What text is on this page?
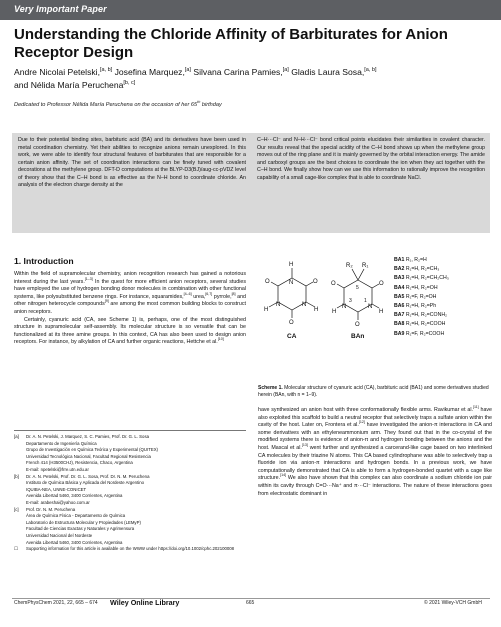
Very Important Paper
Understanding the Chloride Affinity of Barbiturates for Anion Receptor Design
Andre Nicolai Petelski,[a, b] Josefina Marquez,[a] Silvana Carina Pamies,[a] Gladis Laura Sosa,[a, b]
and Nélida María Peruchena[b, c]
Dedicated to Professor Nélida María Peruchena on the occasion of her 65th birthday

Due to their potential binding sites, barbituric acid (BA) and its derivatives have been used in metal coordination chemistry. Yet their abilities to recognize anions remain unexplored. In this work, we were able to identify four structural features of barbiturates that are responsible for a certain anion affinity. The set of coordination interactions can be finely tuned with covalent decorations at the methylene group. DFT-D computations at the BLYP-D3(BJ)/aug-cc-pVDZ level of theory show that the C–H bond is as effective as the N–H bond to coordinate chloride. An analysis of the electron charge density at the

C–H···Cl⁻ and N–H···Cl⁻ bond critical points elucidates their similarities in covalent character. Our results reveal that the special acidity of the C–H bond shows up when the methylene group moves out of the ring plane and it is mainly governed by the orbital interaction energy. The amide and carboxyl groups are the best choices to coordinate the ion when they act together with the C–H bond. We finally show how can we use this information to rationally improve the recognition capability of a small cage-like complex that is able to coordinate NaCl.

1. Introduction

Within the field of supramolecular chemistry, anion recognition research has gained a notorious interest during the last years.[1–3] In the quest for more efficient anion receptors, several studies have employed the use of hydrogen bonding donor molecules in combination with other functional systems, like polysubstituted benzene rings. For instance, squaramides,[4–6] urea,[6,7] pyrrole,[8] and other nitrogen heterocycle compounds[9] are among the most common building blocks to construct anion receptors.

Certainly, cyanuric acid (CA, see Scheme 1) is, perhaps, one of the most distinguished structure in supramolecular self-assembly. Its molecular structure is so versatile that can be functionalized at its three amine groups. In this context, CA has also been used to design anion receptors. For instance, by alkylation of CA and further organic reactions, Hettche et al.[10]

H
N	O
O
N
N
H
H
O
CA
R₂ R₁
5
O
O
N
N
1
3
H
H
O
BAn
BA1 R₁, R₂=H
BA2 R₁=H, R₂=CH₃
BA3 R₁=H, R₂=CH₂CH₃
BA4 R₁=H, R₂=OH
BA5 R₁=F, R₂=OH
BA6 R₁=H, R₂=Ph
BA7 R₁=H, R₂=CONH₂
BA8 R₁=H, R₂=COOH
BA9 R₁=F, R₂=COOH
Scheme 1. Molecular structure of cyanuric acid (CA), barbituric acid (BA1) and some derivatives studied herein (BAn, with n = 1–9).

have synthesized an anion host with three conformationally flexible arms. Ravikumar et al.[11] have also exploited this scaffold to build a neutral receptor that selectively traps a sulfate anion within the cavity of the host. Later on, Frontera et al.[12] have investigated the anion-π interactions in CA and some derivatives with an ethyleneammonium arm. They found out that in the co-crystal of the modified systems there is evidence of anion-π and hydrogen bonding between the anions and the host. Mascal et al.[13] went further and synthesized a carcerand-like cage based on two interlinked CA molecules by their triazine N atoms. This CA based cylindrophane was able to selectively trap a fluoride ion via anion-π interactions and hydrogen bonds. In a previous work, we have computationally demonstrated that CA is able to form a hydrogen-bonded quartet with a cage like structure.[14] We also have shown that this complex can also coordinate a sodium chloride ion pair within its cavity through C=O···Na⁺ and π···Cl⁻ interactions. The nature of these interactions goes from electrostatic dominant in

[a]	Dr. A. N. Petelski, J. Marquez, S. C. Pamies, Prof. Dr. G. L. Sosa
Departamento de Ingeniería Química
Grupo de Investigación en Química Teórica y Experimental (QUITEX)
Universidad Tecnológica Nacional, Facultad Regional Resistencia
French 414 (H3500CHJ), Resistencia, Chaco, Argentina
E-mail: npetelski@frre.utn.edu.ar
[b]	Dr. A. N. Petelski, Prof. Dr. G. L. Sosa, Prof. Dr. N. M. Peruchena
Instituto de Química Básica y Aplicada del Nordeste Argentino
IQUIBA-NEA, UNNE-CONICET
Avenida Libertad 5460, 3400 Corrientes, Argentina
E-mail: arabeshai@yahoo.com.ar
[c]	Prof. Dr. N. M. Peruchena
Área de Química Física - Departamento de Química
Laboratorio de Estructura Molecular y Propiedades (LEMyP)
Facultad de Ciencias Exactas y Naturales y Agrimensura
Universidad Nacional del Nordeste
Avenida Libertad 5460, 3400 Corrientes, Argentina
☐	Supporting information for this article is available on the WWW under https://doi.org/10.1002/cphc.202100008
ChemPhysChem 2021, 22, 665 – 674 Wiley Online Library	665	© 2021 Wiley-VCH GmbH
